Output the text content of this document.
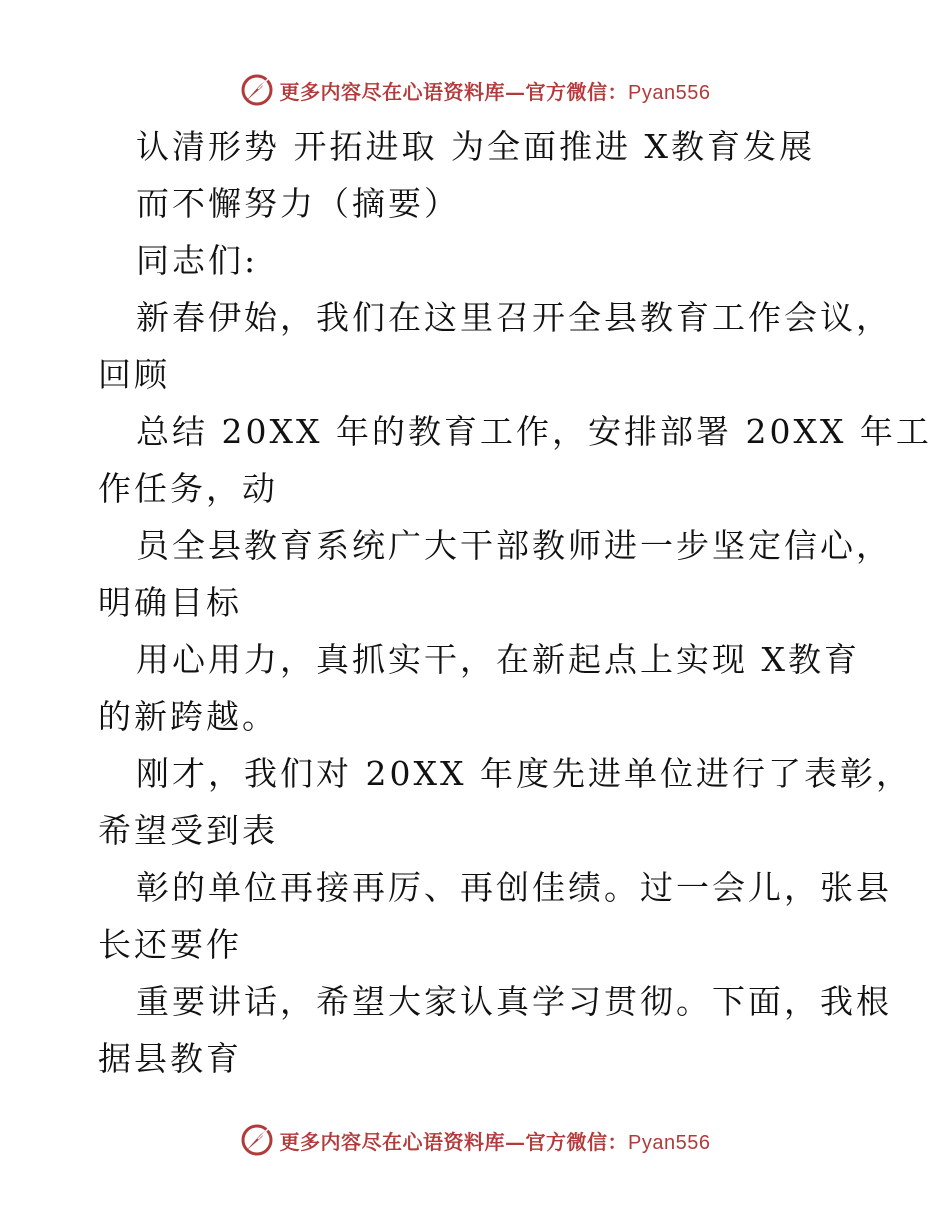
更多内容尽在心语资料库—官方微信：Pyan556
认清形势 开拓进取 为全面推进 X教育发展
而不懈努力（摘要）
同志们:
新春伊始，我们在这里召开全县教育工作会议，
回顾
总结 20XX 年的教育工作，安排部署 20XX 年工
作任务，动
员全县教育系统广大干部教师进一步坚定信心，
明确目标
用心用力，真抓实干，在新起点上实现 X教育
的新跨越。
刚才，我们对 20XX 年度先进单位进行了表彰，
希望受到表
彰的单位再接再厉、再创佳绩。过一会儿，张县
长还要作
重要讲话，希望大家认真学习贯彻。下面，我根
据县教育
更多内容尽在心语资料库—官方微信：Pyan556
